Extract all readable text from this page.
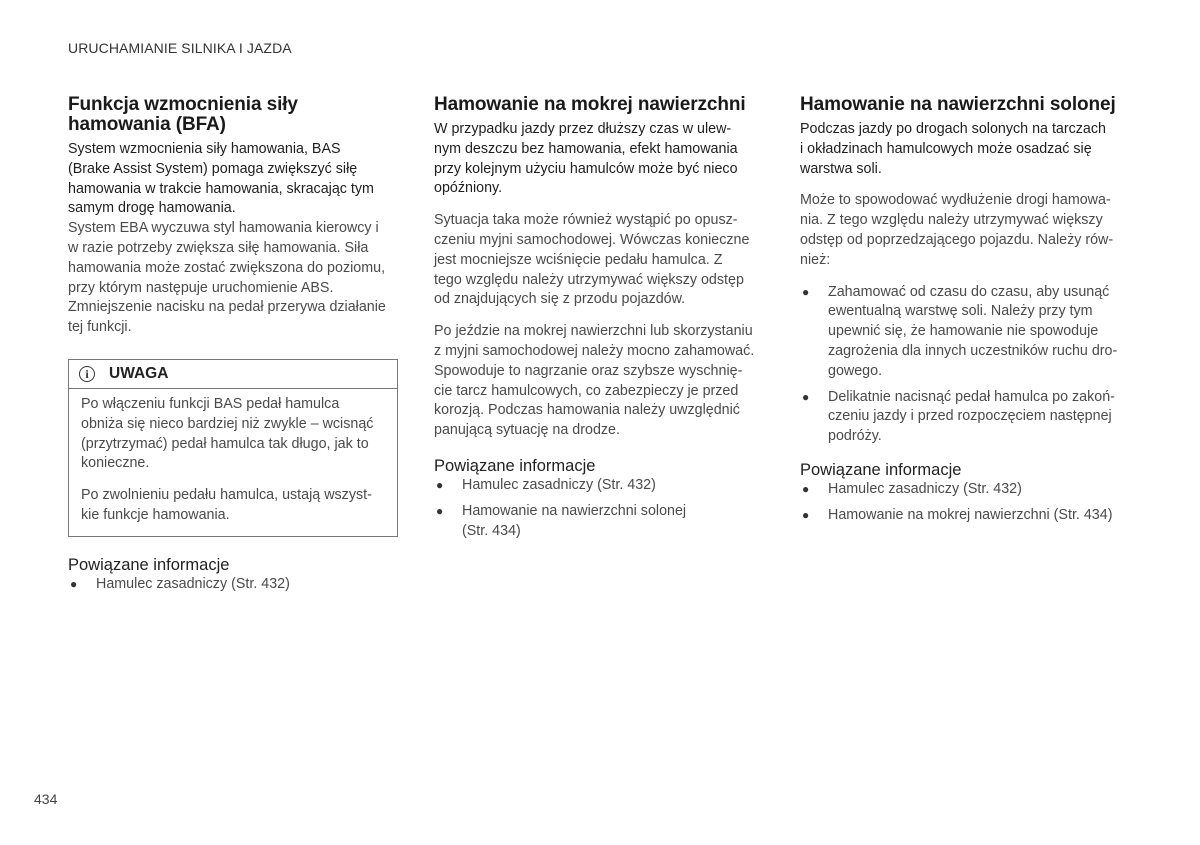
URUCHAMIANIE SILNIKA I JAZDA
Funkcja wzmocnienia siły hamowania (BFA)

System wzmocnienia siły hamowania, BAS
(Brake Assist System) pomaga zwiększyć siłę
hamowania w trakcie hamowania, skracając tym
samym drogę hamowania.

System EBA wyczuwa styl hamowania kierowcy i
w razie potrzeby zwiększa siłę hamowania. Siła
hamowania może zostać zwiększona do poziomu,
przy którym następuje uruchomienie ABS.
Zmniejszenie nacisku na pedał przerywa działanie
tej funkcji.

i	UWAGA

Po włączeniu funkcji BAS pedał hamulca
obniża się nieco bardziej niż zwykle – wcisnąć
(przytrzymać) pedał hamulca tak długo, jak to
konieczne.

Po zwolnieniu pedału hamulca, ustają wszyst-
kie funkcje hamowania.

Powiązane informacje
● Hamulec zasadniczy (Str. 432)
Hamowanie na mokrej nawierzchni

W przypadku jazdy przez dłuższy czas w ulew-
nym deszczu bez hamowania, efekt hamowania
przy kolejnym użyciu hamulców może być nieco
opóźniony.

Sytuacja taka może również wystąpić po opusz-
czeniu myjni samochodowej. Wówczas konieczne
jest mocniejsze wciśnięcie pedału hamulca. Z
tego względu należy utrzymywać większy odstęp
od znajdujących się z przodu pojazdów.

Po jeździe na mokrej nawierzchni lub skorzystaniu
z myjni samochodowej należy mocno zahamować.
Spowoduje to nagrzanie oraz szybsze wyschnię-
cie tarcz hamulcowych, co zabezpieczy je przed
korozją. Podczas hamowania należy uwzględnić
panującą sytuację na drodze.

Powiązane informacje
● Hamulec zasadniczy (Str. 432)
● Hamowanie na nawierzchni solonej
(Str. 434)
Hamowanie na nawierzchni solonej

Podczas jazdy po drogach solonych na tarczach
i okładzinach hamulcowych może osadzać się
warstwa soli.

Może to spowodować wydłużenie drogi hamowa-
nia. Z tego względu należy utrzymywać większy
odstęp od poprzedzającego pojazdu. Należy rów-
nież:

● Zahamować od czasu do czasu, aby usunąć
ewentualną warstwę soli. Należy przy tym
upewnić się, że hamowanie nie spowoduje
zagrożenia dla innych uczestników ruchu dro-
gowego.
● Delikatnie nacisnąć pedał hamulca po zakoń-
czeniu jazdy i przed rozpoczęciem następnej
podróży.
Powiązane informacje
● Hamulec zasadniczy (Str. 432)
● Hamowanie na mokrej nawierzchni (Str. 434)
434
